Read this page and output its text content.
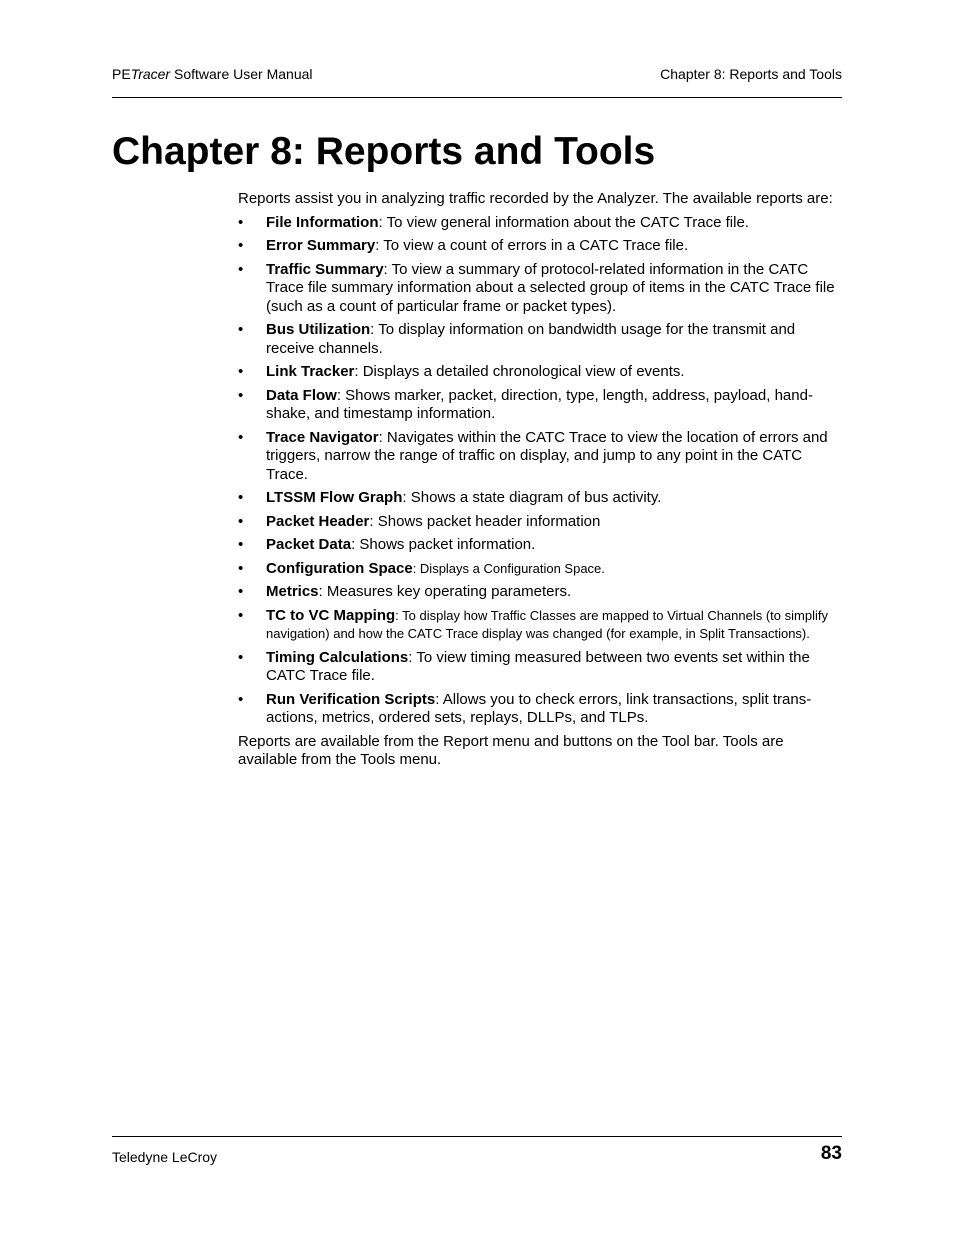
PETracer Software User Manual	Chapter 8: Reports and Tools
Chapter 8: Reports and Tools

Reports assist you in analyzing traffic recorded by the Analyzer. The available reports are:

• File Information: To view general information about the CATC Trace file.
• Error Summary: To view a count of errors in a CATC Trace file.
• Traffic Summary: To view a summary of protocol-related information in the CATC Trace file summary information about a selected group of items in the CATC Trace file (such as a count of particular frame or packet types).
• Bus Utilization: To display information on bandwidth usage for the transmit and receive channels.
• Link Tracker: Displays a detailed chronological view of events.
• Data Flow: Shows marker, packet, direction, type, length, address, payload, hand-shake, and timestamp information.
• Trace Navigator: Navigates within the CATC Trace to view the location of errors and triggers, narrow the range of traffic on display, and jump to any point in the CATC Trace.
• LTSSM Flow Graph: Shows a state diagram of bus activity.
• Packet Header: Shows packet header information
• Packet Data: Shows packet information.
• Configuration Space: Displays a Configuration Space.
• Metrics: Measures key operating parameters.
• TC to VC Mapping: To display how Traffic Classes are mapped to Virtual Channels (to simplify navigation) and how the CATC Trace display was changed (for example, in Split Transactions).
• Timing Calculations: To view timing measured between two events set within the CATC Trace file.
• Run Verification Scripts: Allows you to check errors, link transactions, split trans-actions, metrics, ordered sets, replays, DLLPs, and TLPs.

Reports are available from the Report menu and buttons on the Tool bar. Tools are available from the Tools menu.

Teledyne LeCroy	83
